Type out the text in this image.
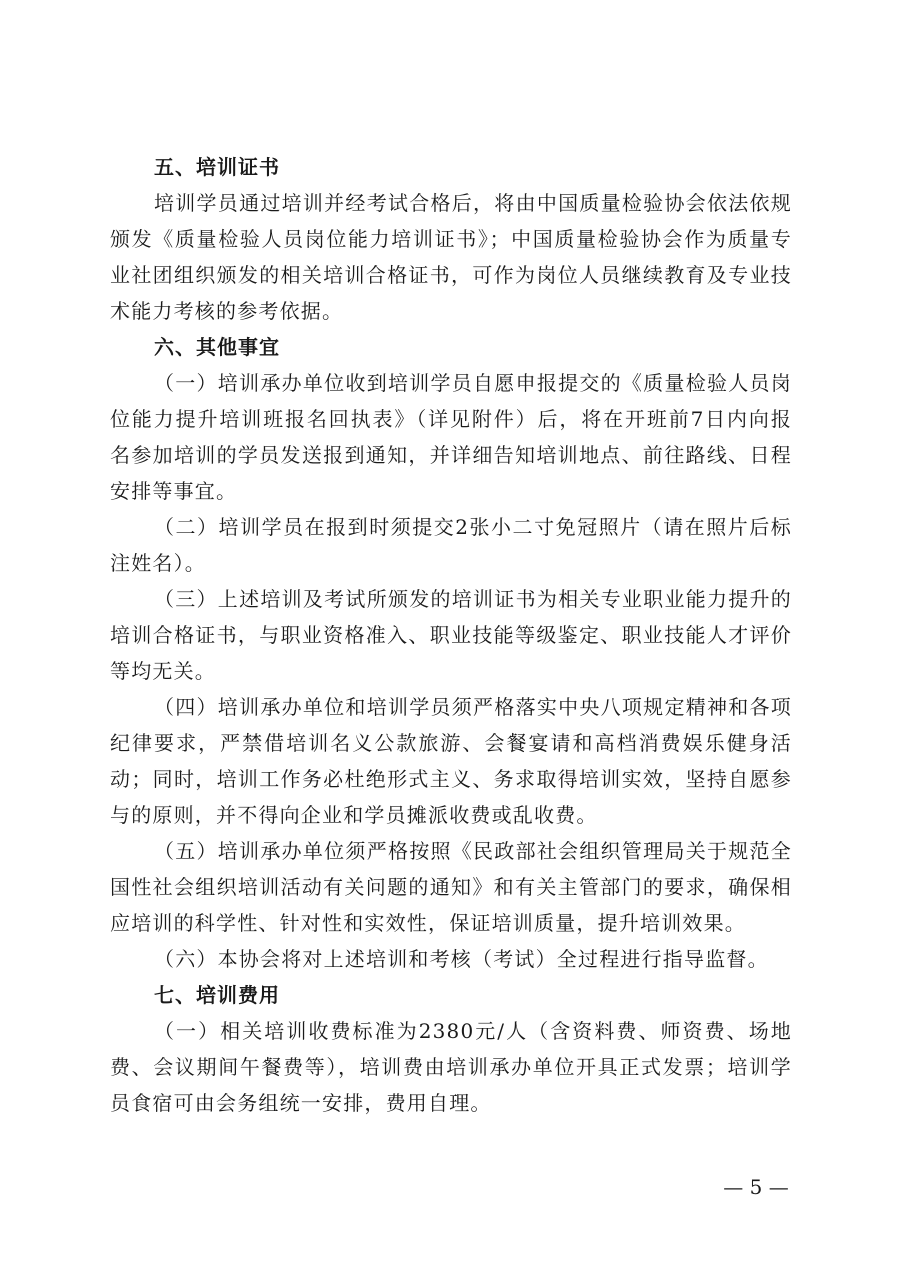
五、培训证书

培训学员通过培训并经考试合格后，将由中国质量检验协会依法依规颁发《质量检验人员岗位能力培训证书》；中国质量检验协会作为质量专业社团组织颁发的相关培训合格证书，可作为岗位人员继续教育及专业技术能力考核的参考依据。

六、其他事宜

（一）培训承办单位收到培训学员自愿申报提交的《质量检验人员岗位能力提升培训班报名回执表》（详见附件）后，将在开班前7日内向报名参加培训的学员发送报到通知，并详细告知培训地点、前往路线、日程安排等事宜。

（二）培训学员在报到时须提交2张小二寸免冠照片（请在照片后标注姓名）。

（三）上述培训及考试所颁发的培训证书为相关专业职业能力提升的培训合格证书，与职业资格准入、职业技能等级鉴定、职业技能人才评价等均无关。

（四）培训承办单位和培训学员须严格落实中央八项规定精神和各项纪律要求，严禁借培训名义公款旅游、会餐宴请和高档消费娱乐健身活动；同时，培训工作务必杜绝形式主义、务求取得培训实效，坚持自愿参与的原则，并不得向企业和学员摊派收费或乱收费。

（五）培训承办单位须严格按照《民政部社会组织管理局关于规范全国性社会组织培训活动有关问题的通知》和有关主管部门的要求，确保相应培训的科学性、针对性和实效性，保证培训质量，提升培训效果。

（六）本协会将对上述培训和考核（考试）全过程进行指导监督。

七、培训费用

（一）相关培训收费标准为2380元/人（含资料费、师资费、场地费、会议期间午餐费等），培训费由培训承办单位开具正式发票；培训学员食宿可由会务组统一安排，费用自理。

— 5 —
